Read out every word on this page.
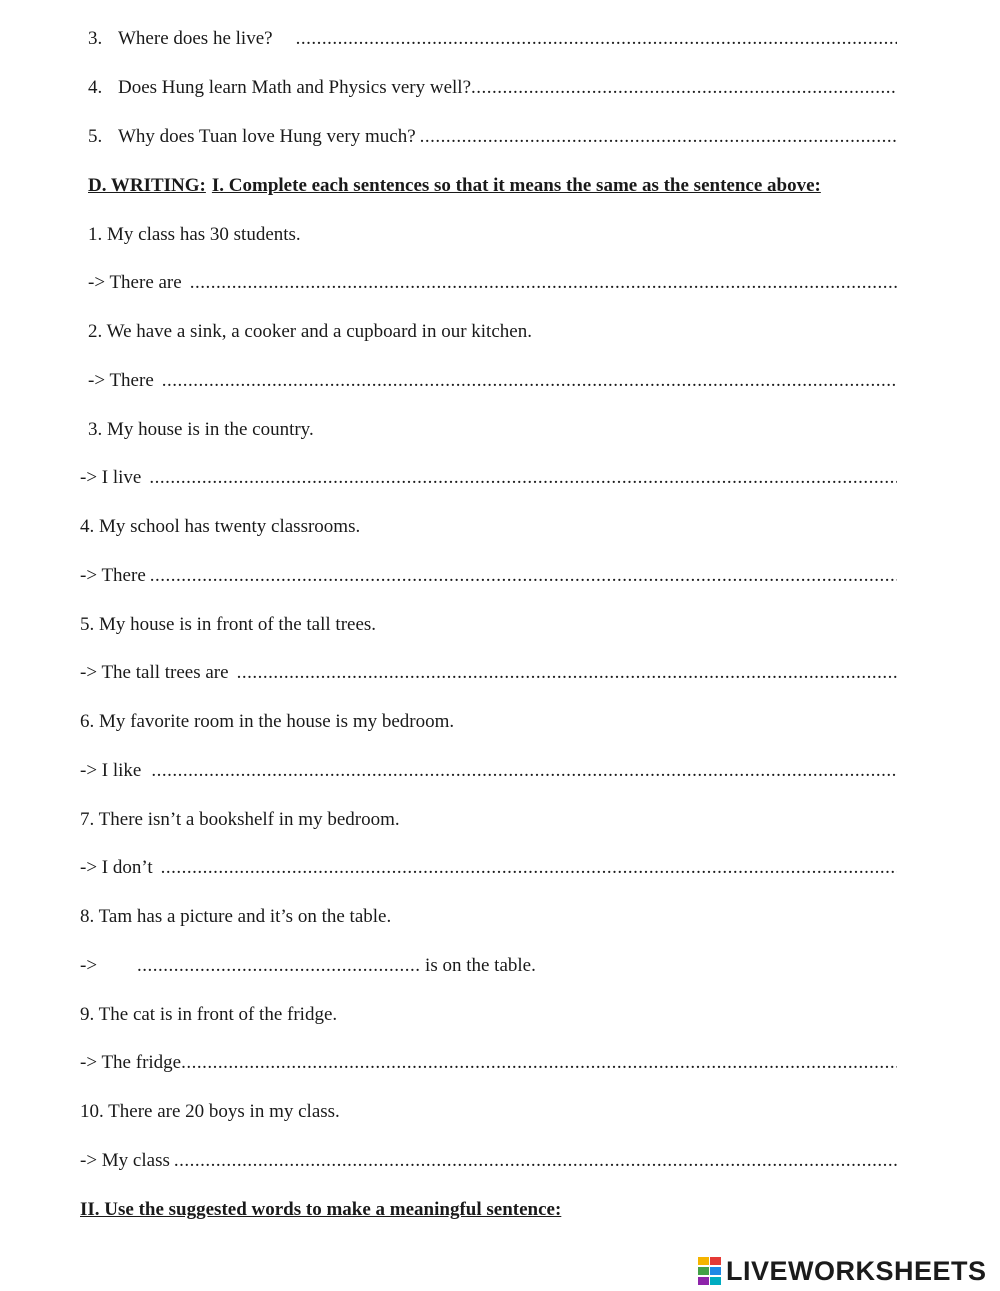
3. Where does he live?

.....
4. Does Hung learn Math and Physics very well?
.....
5. Why does Tuan love Hung very much?
.....
D. WRITING: I. Complete each sentences so that it means the same as the sentence above:
1. My class has 30 students.
-> There are
.....
2. We have a sink, a cooker and a cupboard in our kitchen.
-> There
.....
3. My house is in the country.
-> I live
.....
4. My school has twenty classrooms.
-> There
.....
5. My house is in front of the tall trees.
-> The tall trees are
.....
6. My favorite room in the house is my bedroom.
-> I like
.....
7. There isn’t a bookshelf in my bedroom.
-> I don’t
.....
8. Tam has a picture and it’s on the table.
->
.....	is on the table.
9. The cat is in front of the fridge.
-> The fridge
.....
10. There are 20 boys in my class.
-> My class
.....
II. Use the suggested words to make a meaningful sentence:
LIVEWORKSHEETS
